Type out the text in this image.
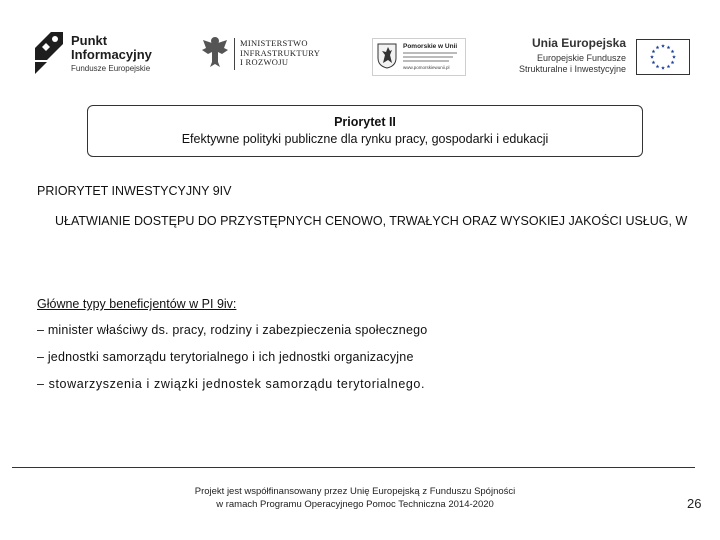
Punkt
Informacyjny
Fundusze Europejskie
MINISTERSTWO
INFRASTRUKTURY
I ROZWOJU
Pomorskie w Unii
www.pomorskiewunii.pl
Unia Europejska
Europejskie Fundusze
Strukturalne i Inwestycyjne
Priorytet II
Efektywne polityki publiczne dla rynku pracy, gospodarki i edukacji
PRIORYTET INWESTYCYJNY 9IV
UŁATWIANIE DOSTĘPU DO PRZYSTĘPNYCH CENOWO, TRWAŁYCH ORAZ WYSOKIEJ JAKOŚCI USŁUG, W
Główne typy beneficjentów w PI 9iv:
– minister właściwy ds. pracy, rodziny i zabezpieczenia społecznego
– jednostki samorządu terytorialnego i ich jednostki organizacyjne
– stowarzyszenia i związki jednostek samorządu terytorialnego.
Projekt jest współfinansowany przez Unię Europejską z Funduszu Spójności
w ramach Programu Operacyjnego Pomoc Techniczna 2014-2020	26
